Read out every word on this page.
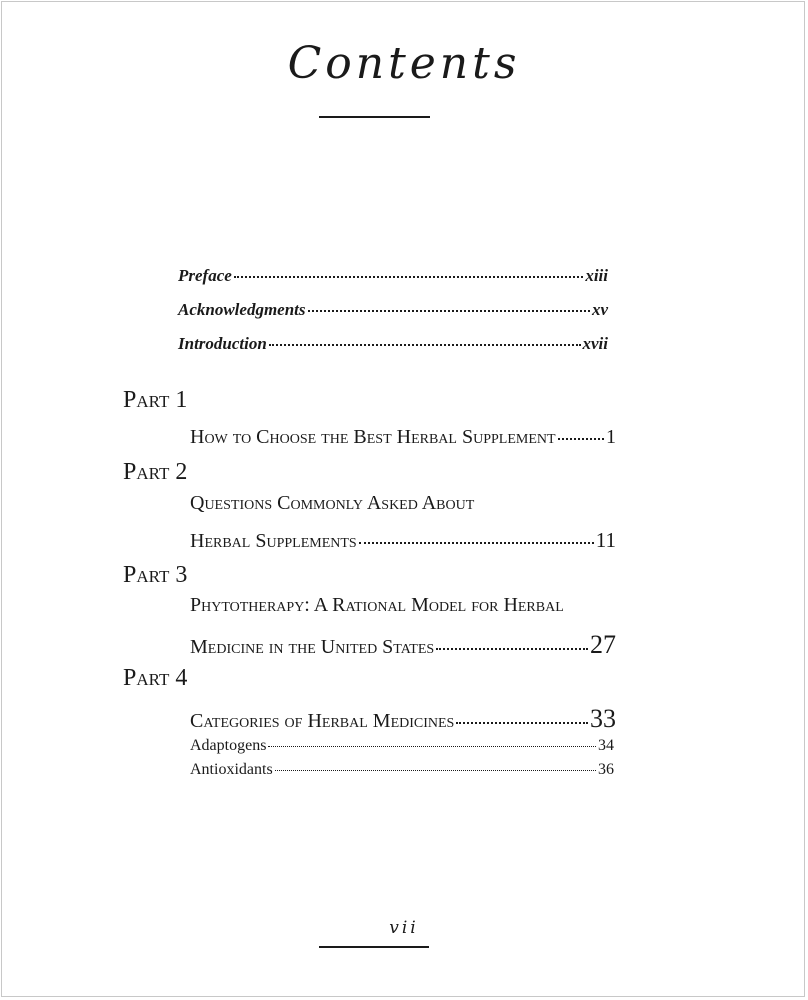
Contents
Preface	xiii
Acknowledgments	xv
Introduction	xvii
Part 1
How to Choose the Best Herbal Supplement	1
Part 2
Questions Commonly Asked About
Herbal Supplements	11
Part 3
Phytotherapy: A Rational Model for Herbal
Medicine in the United States	27
Part 4
Categories of Herbal Medicines	33
Adaptogens	34
Antioxidants	36
vii
